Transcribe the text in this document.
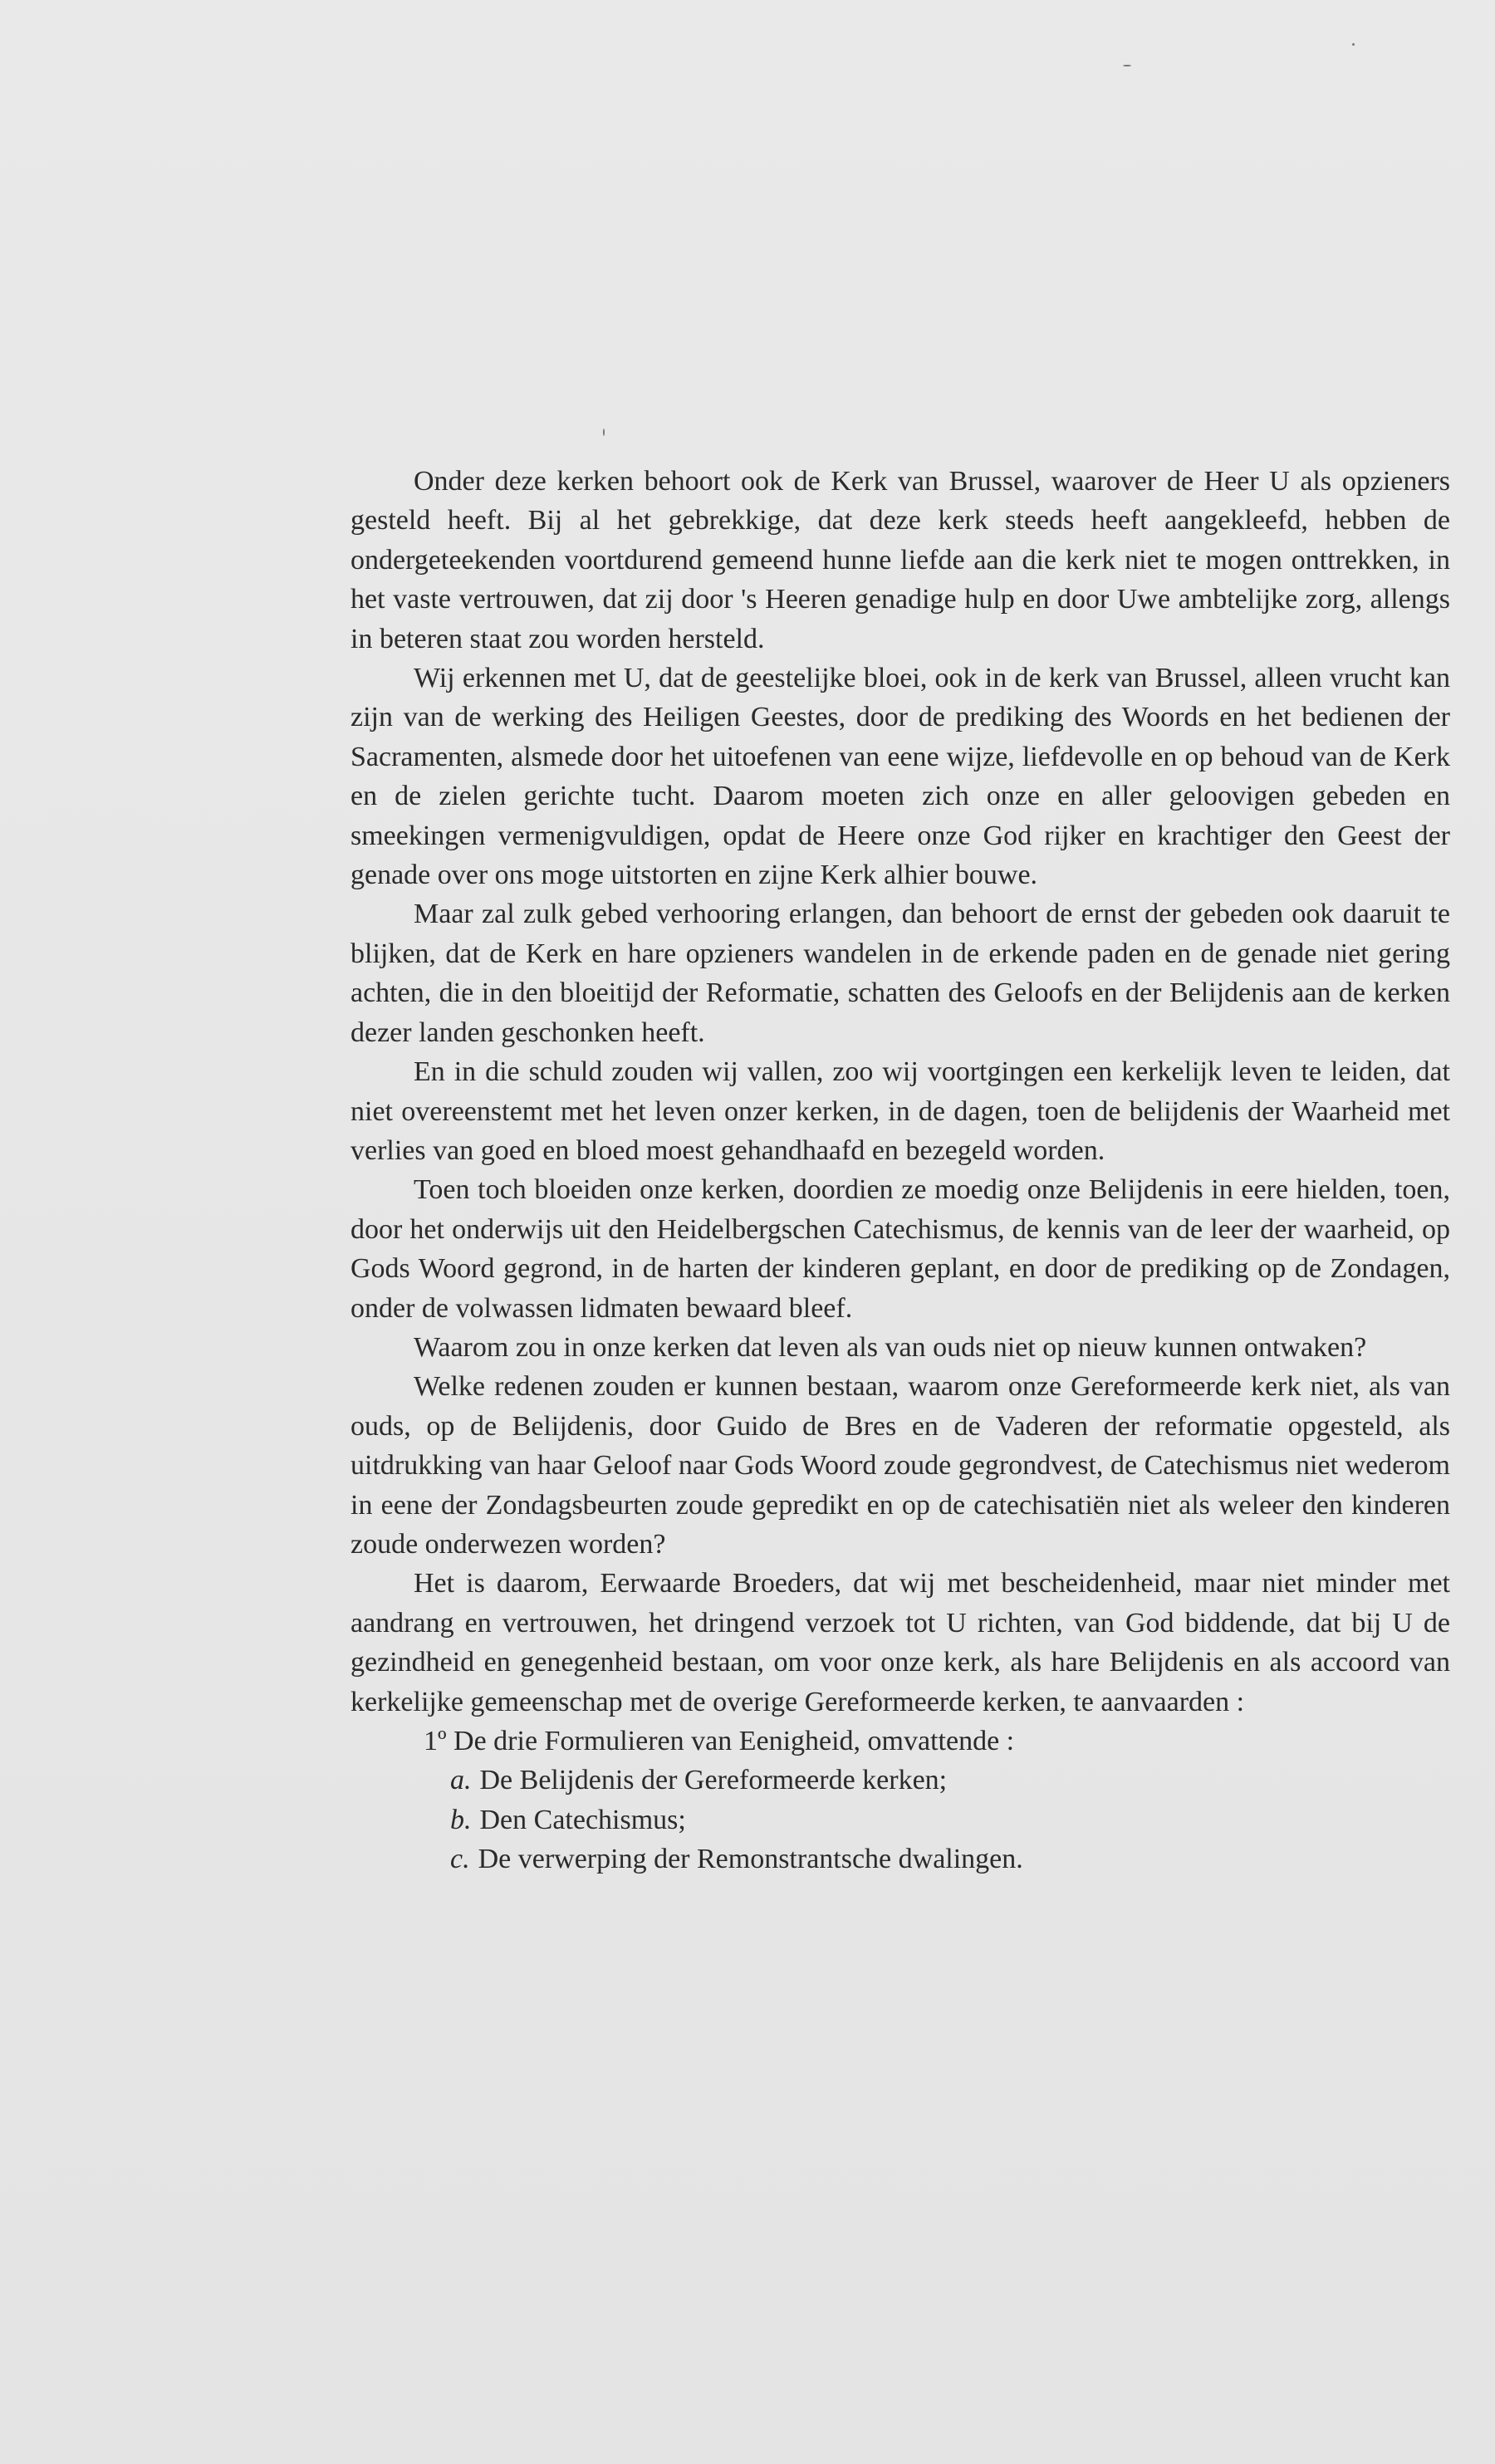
Onder deze kerken behoort ook de Kerk van Brussel, waarover de Heer U als opzieners gesteld heeft. Bij al het gebrekkige, dat deze kerk steeds heeft aangekleefd, hebben de ondergeteekenden voortdurend gemeend hunne liefde aan die kerk niet te mogen onttrekken, in het vaste vertrouwen, dat zij door 's Heeren genadige hulp en door Uwe ambtelijke zorg, allengs in beteren staat zou worden hersteld.

Wij erkennen met U, dat de geestelijke bloei, ook in de kerk van Brussel, alleen vrucht kan zijn van de werking des Heiligen Geestes, door de prediking des Woords en het bedienen der Sacramenten, alsmede door het uitoefenen van eene wijze, liefdevolle en op behoud van de Kerk en de zielen gerichte tucht. Daarom moeten zich onze en aller geloovigen gebeden en smeekingen vermenigvuldigen, opdat de Heere onze God rijker en krachtiger den Geest der genade over ons moge uitstorten en zijne Kerk alhier bouwe.

Maar zal zulk gebed verhooring erlangen, dan behoort de ernst der gebeden ook daaruit te blijken, dat de Kerk en hare opzieners wandelen in de erkende paden en de genade niet gering achten, die in den bloeitijd der Reformatie, schatten des Geloofs en der Belijdenis aan de kerken dezer landen geschonken heeft.

En in die schuld zouden wij vallen, zoo wij voortgingen een kerkelijk leven te leiden, dat niet overeenstemt met het leven onzer kerken, in de dagen, toen de belijdenis der Waarheid met verlies van goed en bloed moest gehandhaafd en bezegeld worden.

Toen toch bloeiden onze kerken, doordien ze moedig onze Belijdenis in eere hielden, toen, door het onderwijs uit den Heidelbergschen Catechismus, de kennis van de leer der waarheid, op Gods Woord gegrond, in de harten der kinderen geplant, en door de prediking op de Zondagen, onder de volwassen lidmaten bewaard bleef.

Waarom zou in onze kerken dat leven als van ouds niet op nieuw kunnen ontwaken?

Welke redenen zouden er kunnen bestaan, waarom onze Gereformeerde kerk niet, als van ouds, op de Belijdenis, door Guido de Bres en de Vaderen der reformatie opgesteld, als uitdrukking van haar Geloof naar Gods Woord zoude gegrondvest, de Catechismus niet wederom in eene der Zondagsbeurten zoude gepredikt en op de catechisatiën niet als weleer den kinderen zoude onderwezen worden?

Het is daarom, Eerwaarde Broeders, dat wij met bescheidenheid, maar niet minder met aandrang en vertrouwen, het dringend verzoek tot U richten, van God biddende, dat bij U de gezindheid en genegenheid bestaan, om voor onze kerk, als hare Belijdenis en als accoord van kerkelijke gemeenschap met de overige Gereformeerde kerken, te aanvaarden :

1º De drie Formulieren van Eenigheid, omvattende :

a. De Belijdenis der Gereformeerde kerken;

b. Den Catechismus;

c. De verwerping der Remonstrantsche dwalingen.
